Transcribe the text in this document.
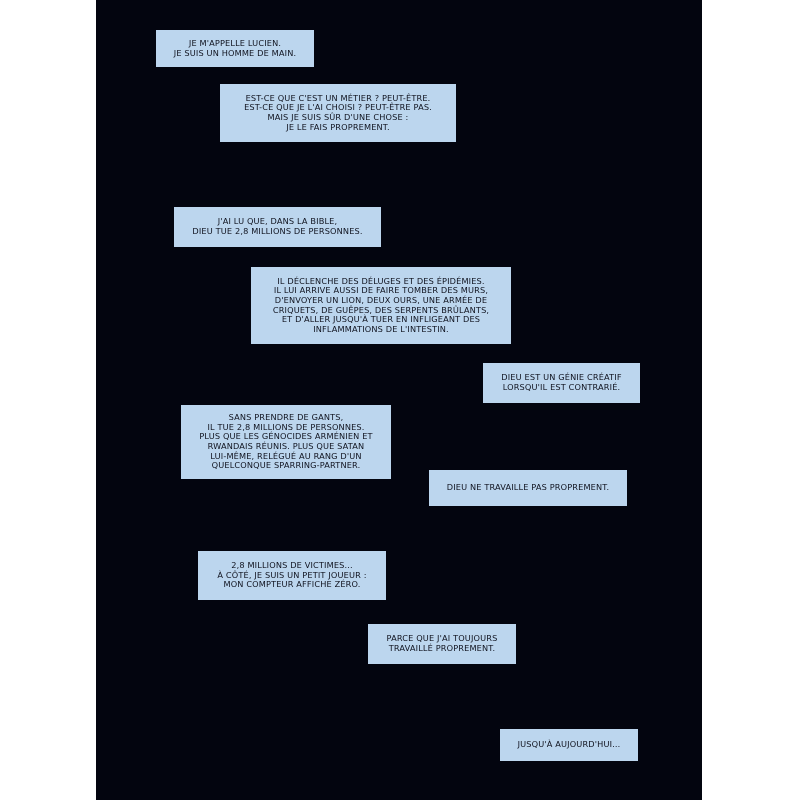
JE M'APPELLE LUCIEN.
JE SUIS UN HOMME DE MAIN.
EST-CE QUE C'EST UN MÉTIER ? PEUT-ÊTRE.
EST-CE QUE JE L'AI CHOISI ? PEUT-ÊTRE PAS.
MAIS JE SUIS SÛR D'UNE CHOSE :
JE LE FAIS PROPREMENT.
J'AI LU QUE, DANS LA BIBLE,
DIEU TUE 2,8 MILLIONS DE PERSONNES.
IL DÉCLENCHE DES DÉLUGES ET DES ÉPIDÉMIES.
IL LUI ARRIVE AUSSI DE FAIRE TOMBER DES MURS,
D'ENVOYER UN LION, DEUX OURS, UNE ARMÉE DE
CRIQUETS, DE GUÊPES, DES SERPENTS BRÛLANTS,
ET D'ALLER JUSQU'À TUER EN INFLIGEANT DES
INFLAMMATIONS DE L'INTESTIN.
DIEU EST UN GÉNIE CRÉATIF
LORSQU'IL EST CONTRARIÉ.
SANS PRENDRE DE GANTS,
IL TUE 2,8 MILLIONS DE PERSONNES.
PLUS QUE LES GÉNOCIDES ARMÉNIEN ET
RWANDAIS RÉUNIS. PLUS QUE SATAN
LUI-MÊME, RELÉGUÉ AU RANG D'UN
QUELCONQUE SPARRING-PARTNER.
DIEU NE TRAVAILLE PAS PROPREMENT.
2,8 MILLIONS DE VICTIMES...
À CÔTÉ, JE SUIS UN PETIT JOUEUR :
MON COMPTEUR AFFICHE ZÉRO.
PARCE QUE J'AI TOUJOURS
TRAVAILLÉ PROPREMENT.
JUSQU'À AUJOURD'HUI...
